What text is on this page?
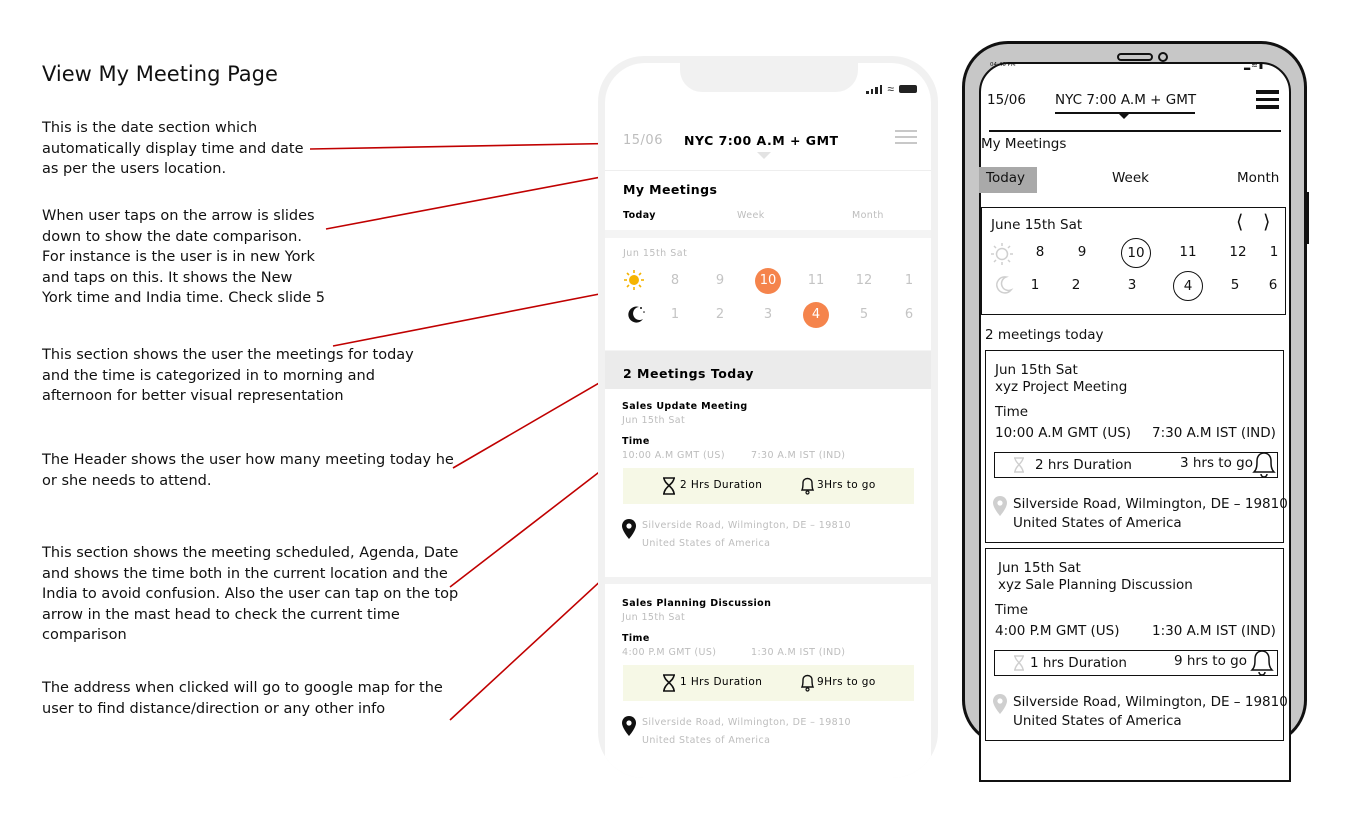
View My Meeting Page
This is the date section which automatically display time and date as per the users location.
When user taps on the arrow is slides down to show the date comparison. For instance is the user is in new York and taps on this. It shows the New York time and India time. Check slide 5
This section shows the user the meetings for today and the time is categorized in to morning and afternoon for better visual representation
The Header shows the user how many meeting today he or she needs to attend.
This section shows the meeting scheduled, Agenda, Date and shows the time both in the current location and the India to avoid confusion. Also the user can tap on the top arrow in the mast head to check the current time comparison
The address when clicked will go to google map for the user to find distance/direction or any other info
≈
15/06 NYC 7:00 A.M + GMT
My Meetings
Today	Week	Month
Jun 15th Sat
8	9	10	11	12	1
1	2	3	4	5	6
2 Meetings Today
Sales Update Meeting
Jun 15th Sat
Time
10:00 A.M GMT (US)	7:30 A.M IST (IND)
2 Hrs Duration	3Hrs to go
Silverside Road, Wilmington, DE – 19810
United States of America
Sales Planning Discussion
Jun 15th Sat
Time
4:00 P.M GMT (US)	1:30 A.M IST (IND)
1 Hrs Duration	9Hrs to go
Silverside Road, Wilmington, DE – 19810
United States of America
04:40 PM	▂≈▮
15/06 NYC 7:00 A.M + GMT
My Meetings
Today	Week	Month
June 15th Sat	⟨ ⟩
8	9	10	11	12	1
1	2	3	4	5	6
2 meetings today
Jun 15th Sat
xyz Project Meeting
Time
10:00 A.M GMT (US) 7:30 A.M IST (IND)
2 hrs Duration	3 hrs to go
Silverside Road, Wilmington, DE – 19810
United States of America
Jun 15th Sat
xyz Sale Planning Discussion
Time
4:00 P.M GMT (US) 1:30 A.M IST (IND)
1 hrs Duration	9 hrs to go
Silverside Road, Wilmington, DE – 19810
United States of America
